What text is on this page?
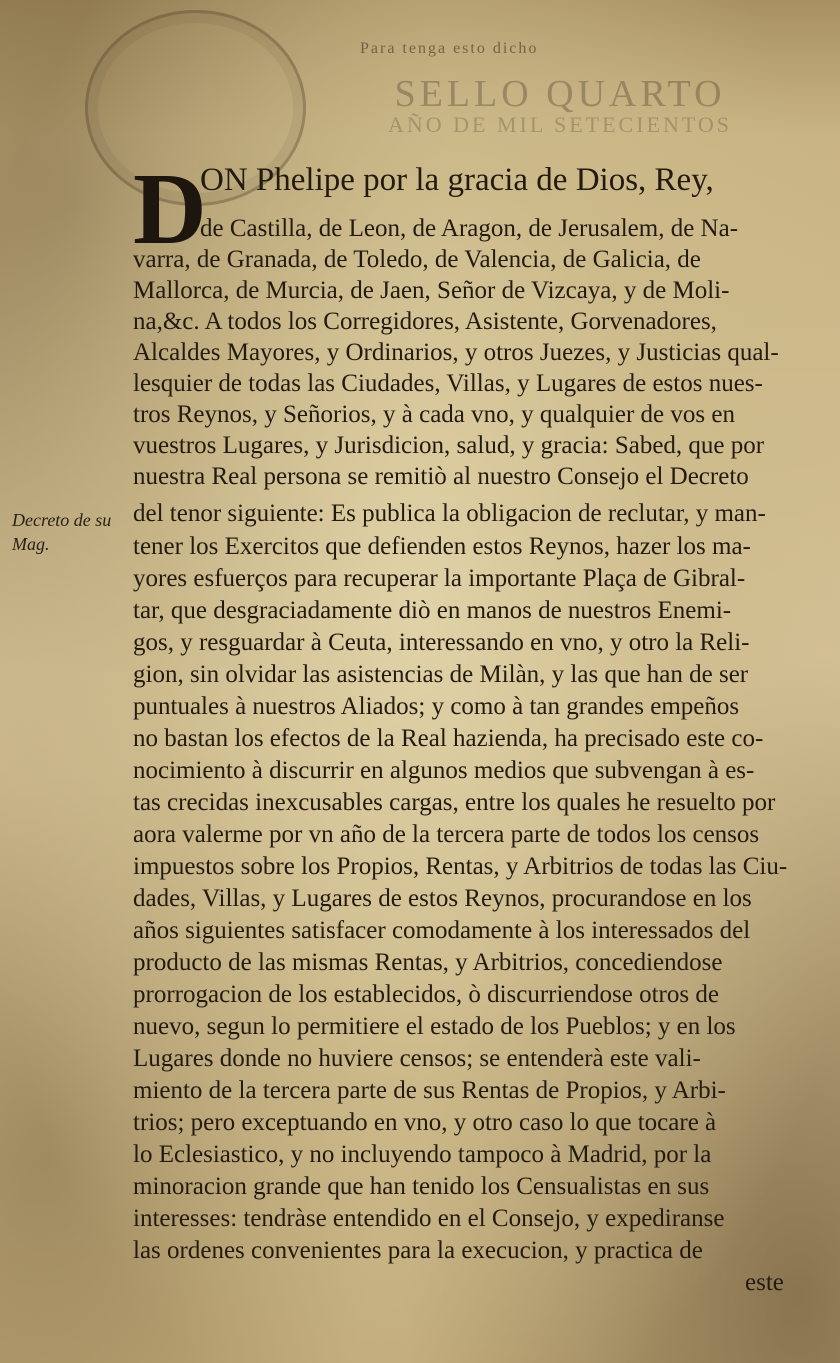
Para tenga esto dicho
SELLO QUARTO
AÑO DE MIL SETECIENTOS
D
Decreto de su Mag.
ON Phelipe por la gracia de Dios, Rey,
de Castilla, de Leon, de Aragon, de Jerusalem, de Na-
varra, de Granada, de Toledo, de Valencia, de Galicia, de
Mallorca, de Murcia, de Jaen, Señor de Vizcaya, y de Moli-
na,&c. A todos los Corregidores, Asistente, Gorvenadores,
Alcaldes Mayores, y Ordinarios, y otros Juezes, y Justicias qual-
lesquier de todas las Ciudades, Villas, y Lugares de estos nues-
tros Reynos, y Señorios, y à cada vno, y qualquier de vos en
vuestros Lugares, y Jurisdicion, salud, y gracia: Sabed, que por
nuestra Real persona se remitiò al nuestro Consejo el Decreto
del tenor siguiente: Es publica la obligacion de reclutar, y man-
tener los Exercitos que defienden estos Reynos, hazer los ma-
yores esfuerços para recuperar la importante Plaça de Gibral-
tar, que desgraciadamente diò en manos de nuestros Enemi-
gos, y resguardar à Ceuta, interessando en vno, y otro la Reli-
gion, sin olvidar las asistencias de Milàn, y las que han de ser
puntuales à nuestros Aliados; y como à tan grandes empeños
no bastan los efectos de la Real hazienda, ha precisado este co-
nocimiento à discurrir en algunos medios que subvengan à es-
tas crecidas inexcusables cargas, entre los quales he resuelto por
aora valerme por vn año de la tercera parte de todos los censos
impuestos sobre los Propios, Rentas, y Arbitrios de todas las Ciu-
dades, Villas, y Lugares de estos Reynos, procurandose en los
años siguientes satisfacer comodamente à los interessados del
producto de las mismas Rentas, y Arbitrios, concediendose
prorrogacion de los establecidos, ò discurriendose otros de
nuevo, segun lo permitiere el estado de los Pueblos; y en los
Lugares donde no huviere censos; se entenderà este vali-
miento de la tercera parte de sus Rentas de Propios, y Arbi-
trios; pero exceptuando en vno, y otro caso lo que tocare à
lo Eclesiastico, y no incluyendo tampoco à Madrid, por la
minoracion grande que han tenido los Censualistas en sus
interesses: tendràse entendido en el Consejo, y expediranse
las ordenes convenientes para la execucion, y practica de
este
